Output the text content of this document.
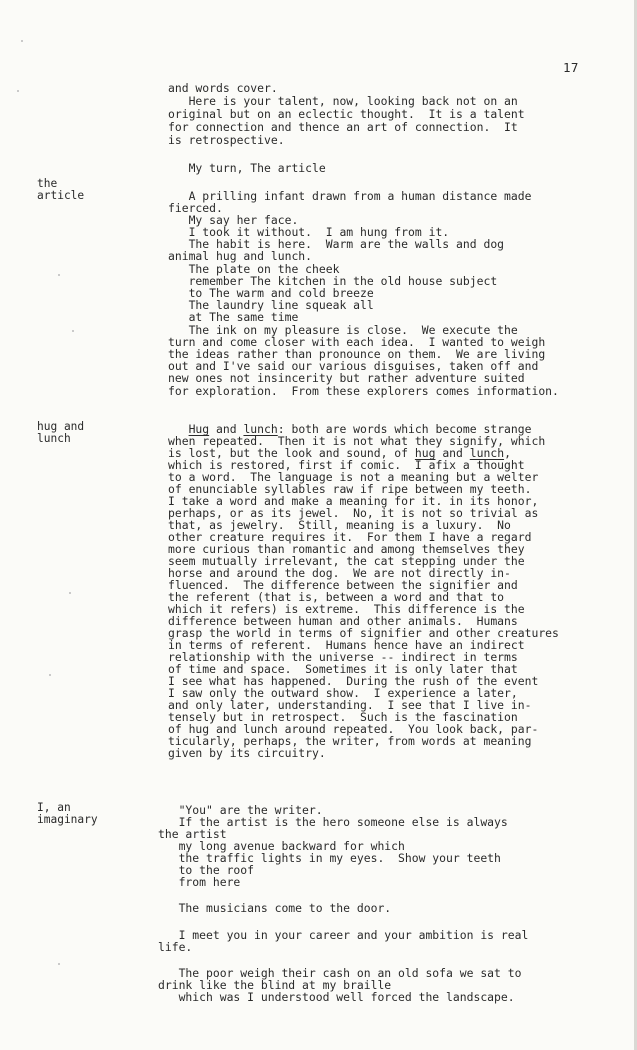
17
the
article
hug and
lunch
I, an
imaginary
and words cover.
Here is your talent, now, looking back not on an
original but on an eclectic thought.  It is a talent
for connection and thence an art of connection.  It
is retrospective.
My turn, The article
A prilling infant drawn from a human distance made
fierced.
My say her face.
I took it without.  I am hung from it.
The habit is here.  Warm are the walls and dog
animal hug and lunch.
The plate on the cheek
remember The kitchen in the old house subject
to The warm and cold breeze
The laundry line squeak all
at The same time
The ink on my pleasure is close.  We execute the
turn and come closer with each idea.  I wanted to weigh
the ideas rather than pronounce on them.  We are living
out and I've said our various disguises, taken off and
new ones not insincerity but rather adventure suited
for exploration.  From these explorers comes information.
Hug and lunch: both are words which become strange
when repeated.  Then it is not what they signify, which
is lost, but the look and sound, of hug and lunch,
which is restored, first if comic.  I afix a thought
to a word.  The language is not a meaning but a welter
of enunciable syllables raw if ripe between my teeth.
I take a word and make a meaning for it. in its honor,
perhaps, or as its jewel.  No, it is not so trivial as
that, as jewelry.  Still, meaning is a luxury.  No
other creature requires it.  For them I have a regard
more curious than romantic and among themselves they
seem mutually irrelevant, the cat stepping under the
horse and around the dog.  We are not directly in-
fluenced.  The difference between the signifier and
the referent (that is, between a word and that to
which it refers) is extreme.  This difference is the
difference between human and other animals.  Humans
grasp the world in terms of signifier and other creatures
in terms of referent.  Humans hence have an indirect
relationship with the universe -- indirect in terms
of time and space.  Sometimes it is only later that
I see what has happened.  During the rush of the event
I saw only the outward show.  I experience a later,
and only later, understanding.  I see that I live in-
tensely but in retrospect.  Such is the fascination
of hug and lunch around repeated.  You look back, par-
ticularly, perhaps, the writer, from words at meaning
given by its circuitry.
"You" are the writer.
If the artist is the hero someone else is always
the artist
my long avenue backward for which
the traffic lights in my eyes.  Show your teeth
to the roof
from here
The musicians come to the door.
I meet you in your career and your ambition is real
life.
The poor weigh their cash on an old sofa we sat to
drink like the blind at my braille
which was I understood well forced the landscape.
